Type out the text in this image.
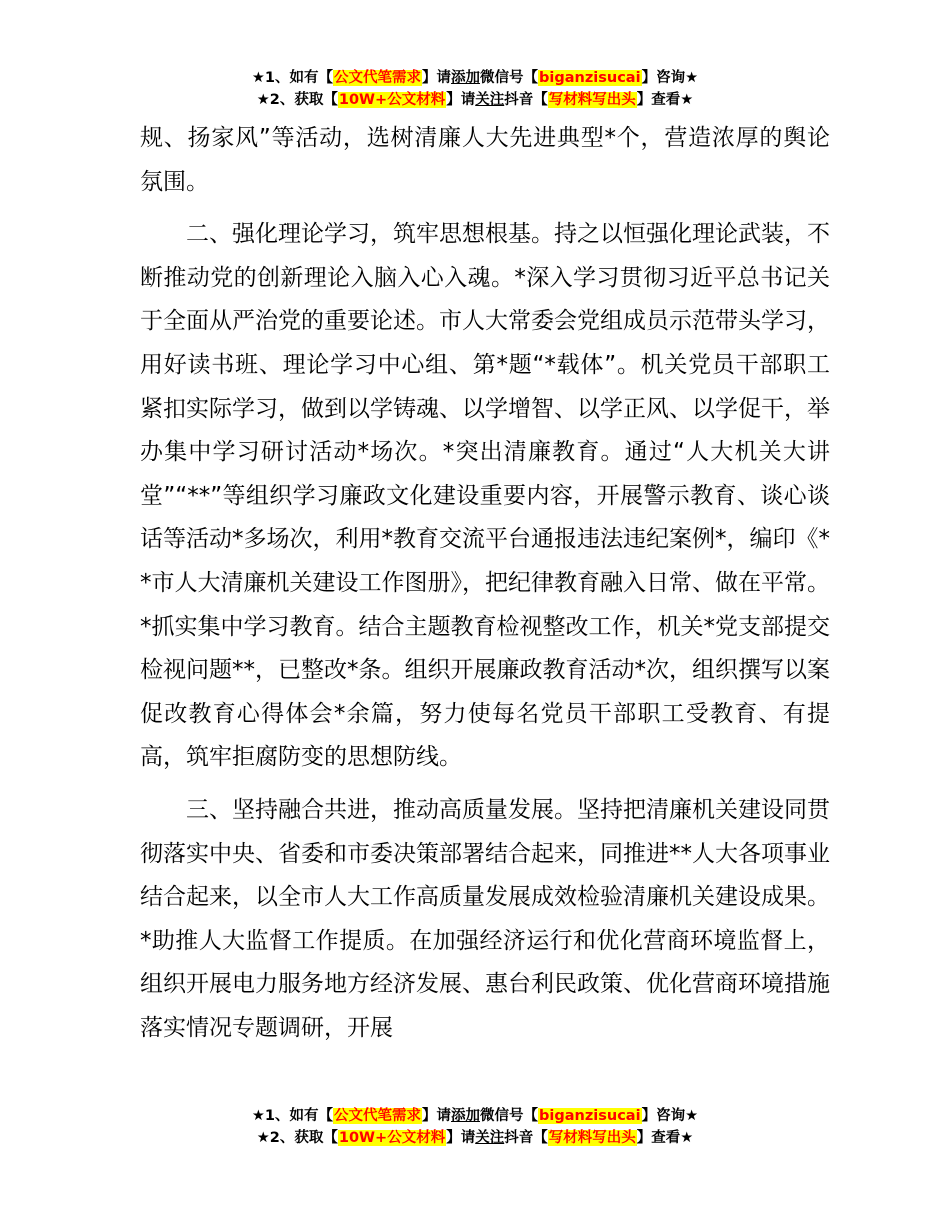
★1、如有【公文代笔需求】请添加微信号【biganzisucai】咨询★
★2、获取【10W+公文材料】请关注抖音【写材料写出头】查看★

规、扬家风”等活动，选树清廉人大先进典型*个，营造浓厚的舆论氛围。

二、强化理论学习，筑牢思想根基。持之以恒强化理论武装，不断推动党的创新理论入脑入心入魂。*深入学习贯彻习近平总书记关于全面从严治党的重要论述。市人大常委会党组成员示范带头学习，用好读书班、理论学习中心组、第*题“*载体”。机关党员干部职工紧扣实际学习，做到以学铸魂、以学增智、以学正风、以学促干，举办集中学习研讨活动*场次。*突出清廉教育。通过“人大机关大讲堂”“**”等组织学习廉政文化建设重要内容，开展警示教育、谈心谈话等活动*多场次，利用*教育交流平台通报违法违纪案例*，编印《**市人大清廉机关建设工作图册》，把纪律教育融入日常、做在平常。*抓实集中学习教育。结合主题教育检视整改工作，机关*党支部提交检视问题**，已整改*条。组织开展廉政教育活动*次，组织撰写以案促改教育心得体会*余篇，努力使每名党员干部职工受教育、有提高，筑牢拒腐防变的思想防线。

三、坚持融合共进，推动高质量发展。坚持把清廉机关建设同贯彻落实中央、省委和市委决策部署结合起来，同推进**人大各项事业结合起来，以全市人大工作高质量发展成效检验清廉机关建设成果。*助推人大监督工作提质。在加强经济运行和优化营商环境监督上，组织开展电力服务地方经济发展、惠台利民政策、优化营商环境措施落实情况专题调研，开展

★1、如有【公文代笔需求】请添加微信号【biganzisucai】咨询★
★2、获取【10W+公文材料】请关注抖音【写材料写出头】查看★
